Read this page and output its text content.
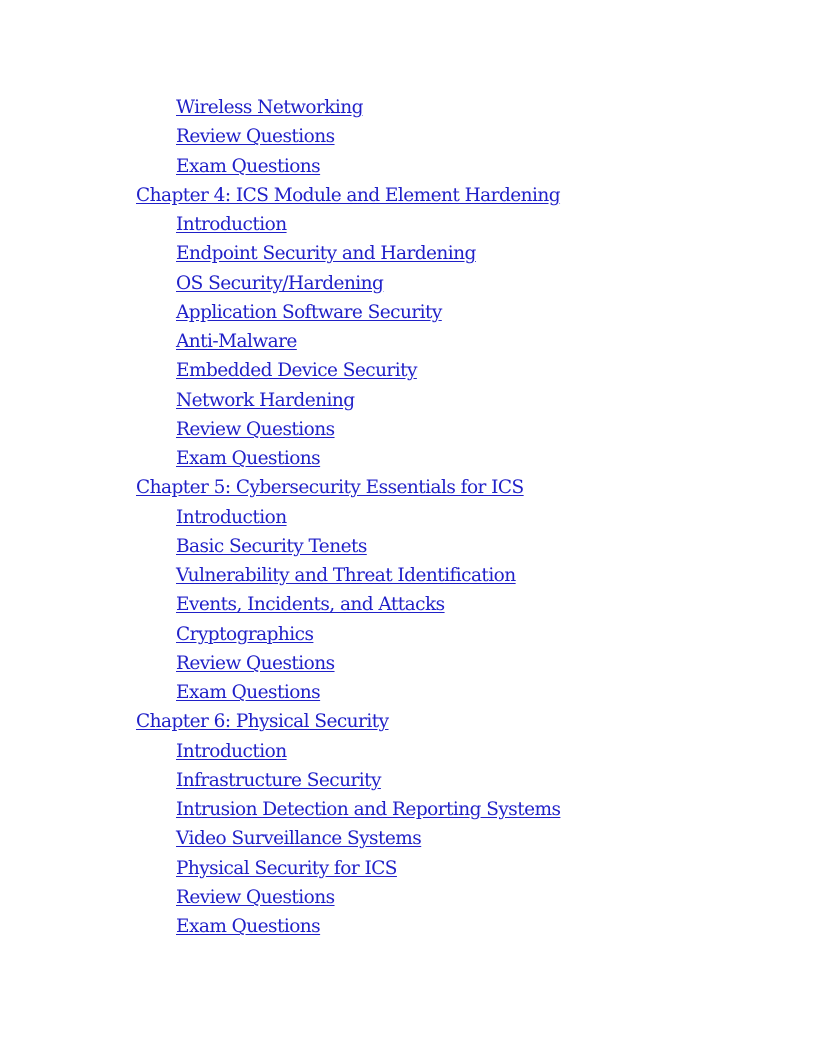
Wireless Networking
Review Questions
Exam Questions
Chapter 4: ICS Module and Element Hardening
Introduction
Endpoint Security and Hardening
OS Security/Hardening
Application Software Security
Anti-Malware
Embedded Device Security
Network Hardening
Review Questions
Exam Questions
Chapter 5: Cybersecurity Essentials for ICS
Introduction
Basic Security Tenets
Vulnerability and Threat Identification
Events, Incidents, and Attacks
Cryptographics
Review Questions
Exam Questions
Chapter 6: Physical Security
Introduction
Infrastructure Security
Intrusion Detection and Reporting Systems
Video Surveillance Systems
Physical Security for ICS
Review Questions
Exam Questions
